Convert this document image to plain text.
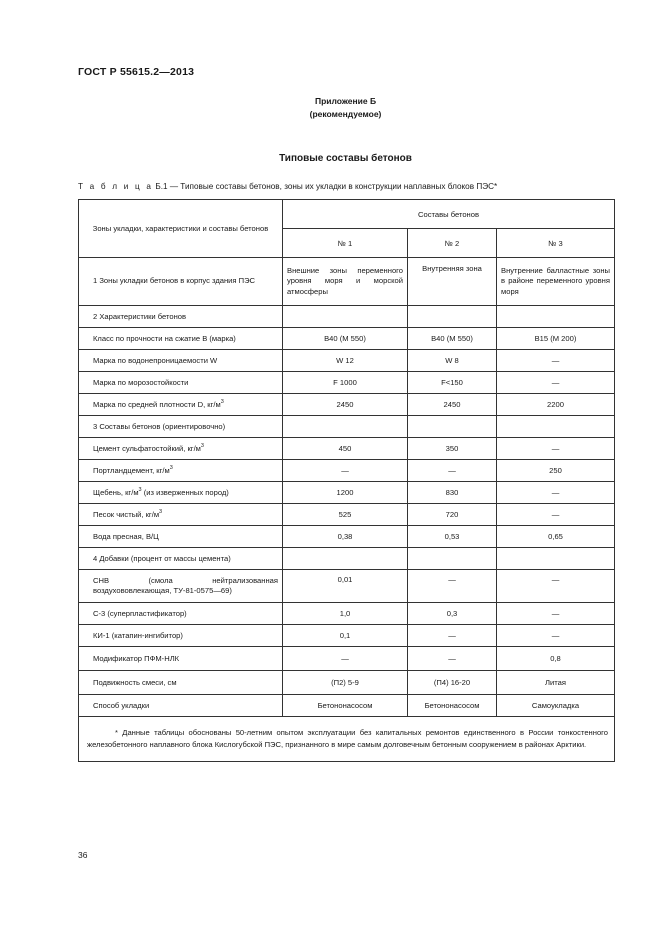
ГОСТ Р 55615.2—2013
Приложение Б
(рекомендуемое)
Типовые составы бетонов
Т а б л и ц а Б.1 — Типовые составы бетонов, зоны их укладки в конструкции наплавных блоков ПЭС*
Зоны укладки, характеристики и составы бетонов	Составы бетонов		
	№ 1	№ 2	№ 3
1 Зоны укладки бетонов в корпус здания ПЭС	Внешние зоны переменного уровня моря и морской атмосферы	Внутренняя зона	Внутренние балластные зоны в районе переменного уровня моря
2 Характеристики бетонов			
Класс по прочности на сжатие В (марка)	В40 (М 550)	В40 (М 550)	В15 (М 200)
Марка по водонепроницаемости W	W 12	W 8	—
Марка по морозостойкости	F 1000	F<150	—
Марка по средней плотности D, $кг/м^3$	2450	2450	2200
3 Составы бетонов (ориентировочно)			
Цемент сульфатостойкий, $кг/м^3$	450	350	—
Портландцемент, $кг/м^3$	—	—	250
Щебень, $кг/м^3$ (из изверженных пород)	1200	830	—
Песок чистый, $кг/м^3$	525	720	—
Вода пресная, В/Ц	0,38	0,53	0,65
4 Добавки (процент от массы цемента)			
СНВ (смола нейтрализованная воздухововлекающая, ТУ-81-0575—69)	0,01	—	—
С-3 (суперпластификатор)	1,0	0,3	—
КИ-1 (катапин-ингибитор)	0,1	—	—
Модификатор ПФМ-НЛК	—	—	0,8
Подвижность смеси, см	(П2) 5-9	(П4) 16-20	Литая
Способ укладки	Бетононасосом	Бетононасосом	Самоукладка
* Данные таблицы обоснованы 50-летним опытом эксплуатации без капитальных ремонтов единственного в России тонкостенного железобетонного наплавного блока Кислогубской ПЭС, признанного в мире самым долговечным бетонным сооружением в районах Арктики.			
36
